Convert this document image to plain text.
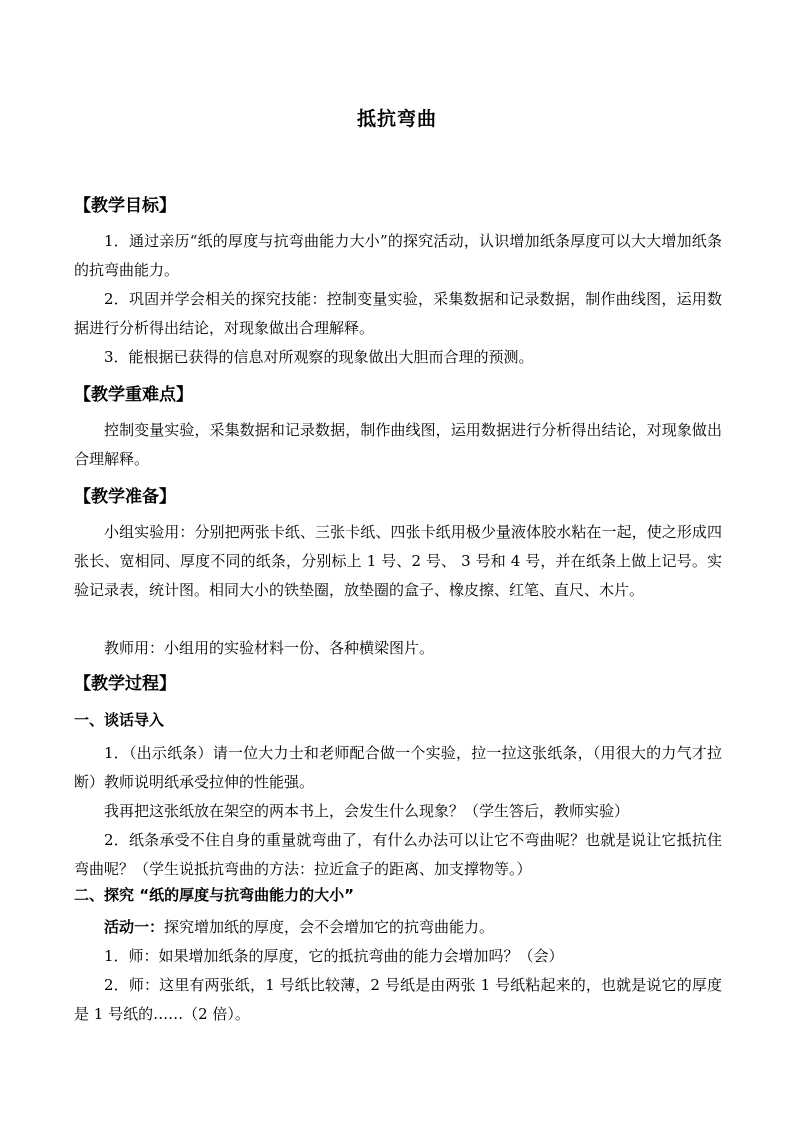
抵抗弯曲
【教学目标】
1．通过亲历“纸的厚度与抗弯曲能力大小”的探究活动，认识增加纸条厚度可以大大增加纸条的抗弯曲能力。
2．巩固并学会相关的探究技能：控制变量实验，采集数据和记录数据，制作曲线图，运用数据进行分析得出结论，对现象做出合理解释。
3．能根据已获得的信息对所观察的现象做出大胆而合理的预测。
【教学重难点】
控制变量实验，采集数据和记录数据，制作曲线图，运用数据进行分析得出结论，对现象做出合理解释。
【教学准备】
小组实验用：分别把两张卡纸、三张卡纸、四张卡纸用极少量液体胶水粘在一起，使之形成四张长、宽相同、厚度不同的纸条，分别标上 1 号、2 号、 3 号和 4 号，并在纸条上做上记号。实验记录表，统计图。相同大小的铁垫圈，放垫圈的盒子、橡皮擦、红笔、直尺、木片。
教师用：小组用的实验材料一份、各种横梁图片。
【教学过程】
一、谈话导入
1．（出示纸条）请一位大力士和老师配合做一个实验，拉一拉这张纸条，（用很大的力气才拉断）教师说明纸承受拉伸的性能强。
我再把这张纸放在架空的两本书上，会发生什么现象？（学生答后，教师实验）
2．纸条承受不住自身的重量就弯曲了，有什么办法可以让它不弯曲呢？也就是说让它抵抗住弯曲呢？（学生说抵抗弯曲的方法：拉近盒子的距离、加支撑物等。）
二、探究 “纸的厚度与抗弯曲能力的大小”
活动一：探究增加纸的厚度，会不会增加它的抗弯曲能力。
1．师：如果增加纸条的厚度，它的抵抗弯曲的能力会增加吗？（会）
2．师：这里有两张纸，1 号纸比较薄，2 号纸是由两张 1 号纸粘起来的，也就是说它的厚度是 1 号纸的……（2 倍）。
